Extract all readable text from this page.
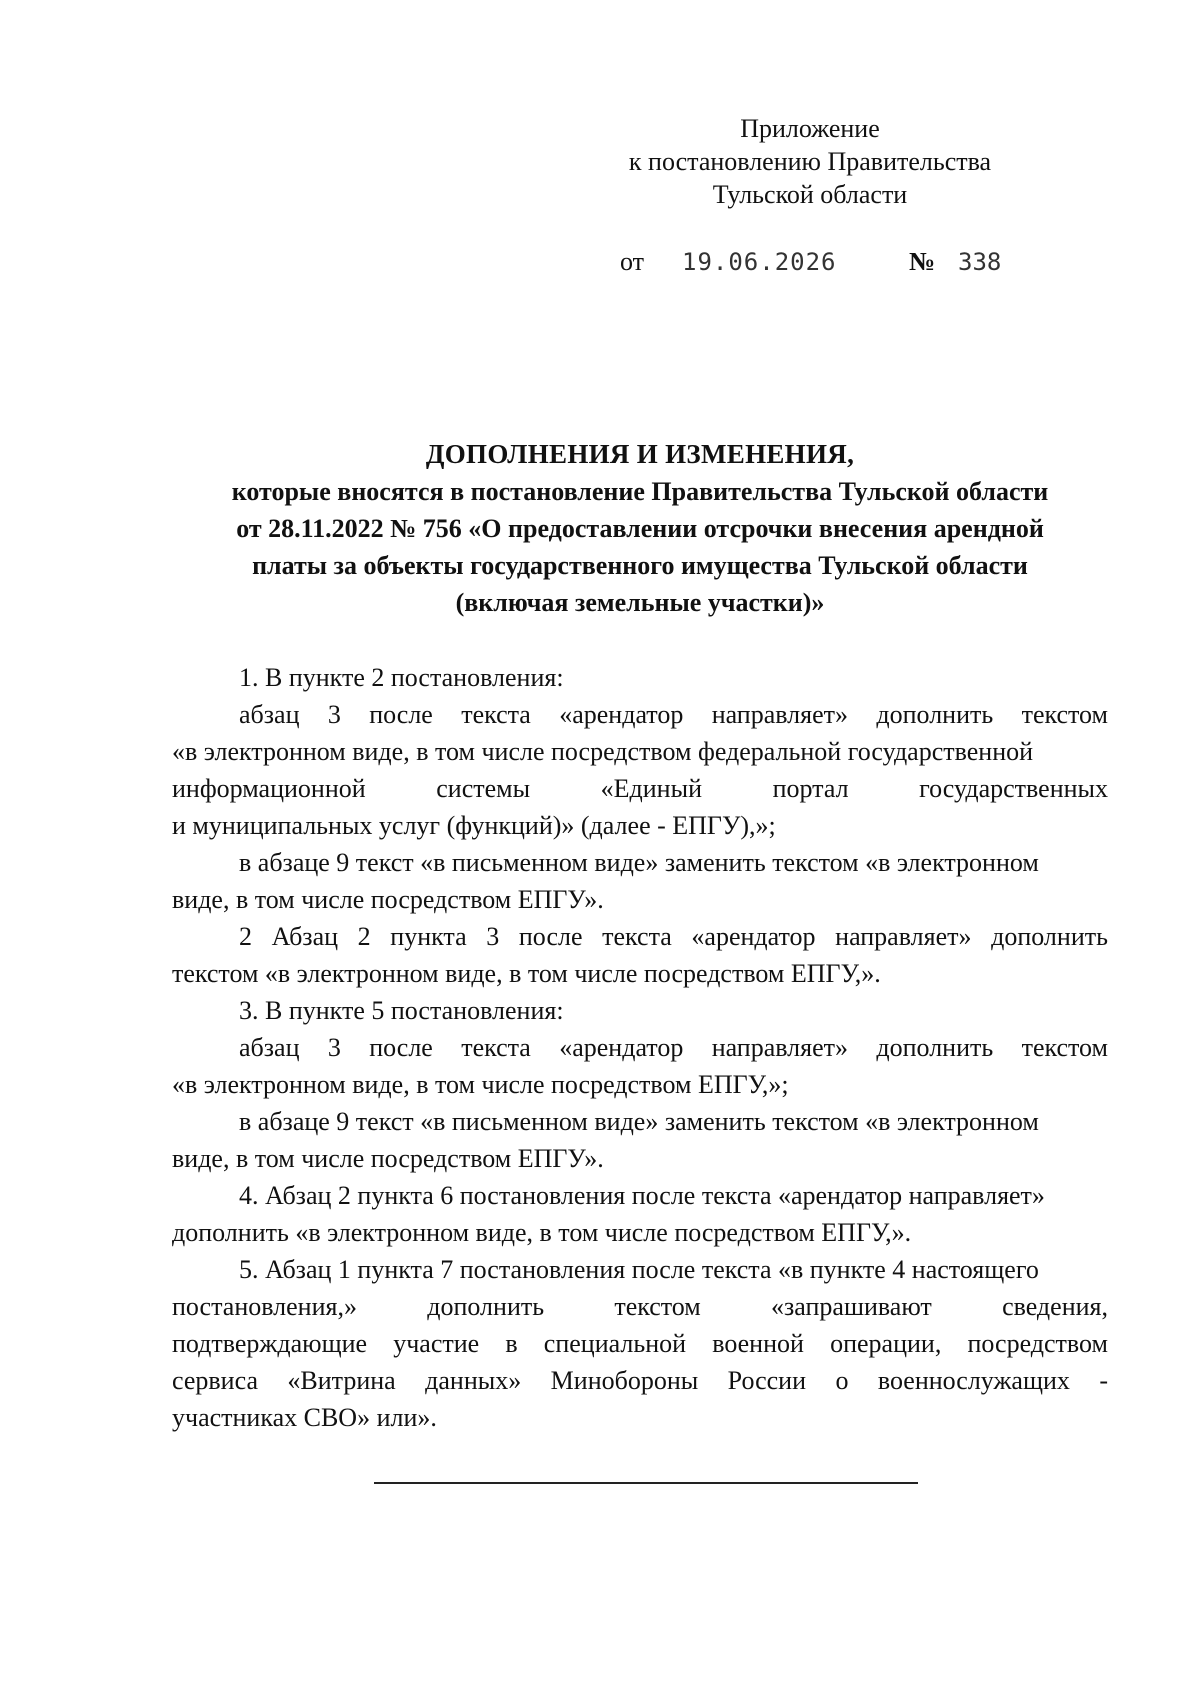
Приложение
к постановлению Правительства
Тульской области
от 19.06.2026	№ 338
ДОПОЛНЕНИЯ И ИЗМЕНЕНИЯ,
которые вносятся в постановление Правительства Тульской области
от 28.11.2022 № 756 «О предоставлении отсрочки внесения арендной
платы за объекты государственного имущества Тульской области
(включая земельные участки)»
1. В пункте 2 постановления:
абзац 3 после текста «арендатор направляет» дополнить текстом
«в электронном виде, в том числе посредством федеральной государственной
информационной	системы	«Единый	портал	государственных
и муниципальных услуг (функций)» (далее - ЕПГУ),»;
в абзаце 9 текст «в письменном виде» заменить текстом «в электронном
виде, в том числе посредством ЕПГУ».
2 Абзац 2 пункта 3 после текста «арендатор направляет» дополнить
текстом «в электронном виде, в том числе посредством ЕПГУ,».
3. В пункте 5 постановления:
абзац 3 после текста «арендатор направляет» дополнить текстом
«в электронном виде, в том числе посредством ЕПГУ,»;
в абзаце 9 текст «в письменном виде» заменить текстом «в электронном
виде, в том числе посредством ЕПГУ».
4. Абзац 2 пункта 6 постановления после текста «арендатор направляет»
дополнить «в электронном виде, в том числе посредством ЕПГУ,».
5. Абзац 1 пункта 7 постановления после текста «в пункте 4 настоящего
постановления,»	дополнить	текстом	«запрашивают	сведения,
подтверждающие участие в специальной военной операции, посредством
сервиса «Витрина данных» Минобороны России о военнослужащих -
участниках СВО» или».
